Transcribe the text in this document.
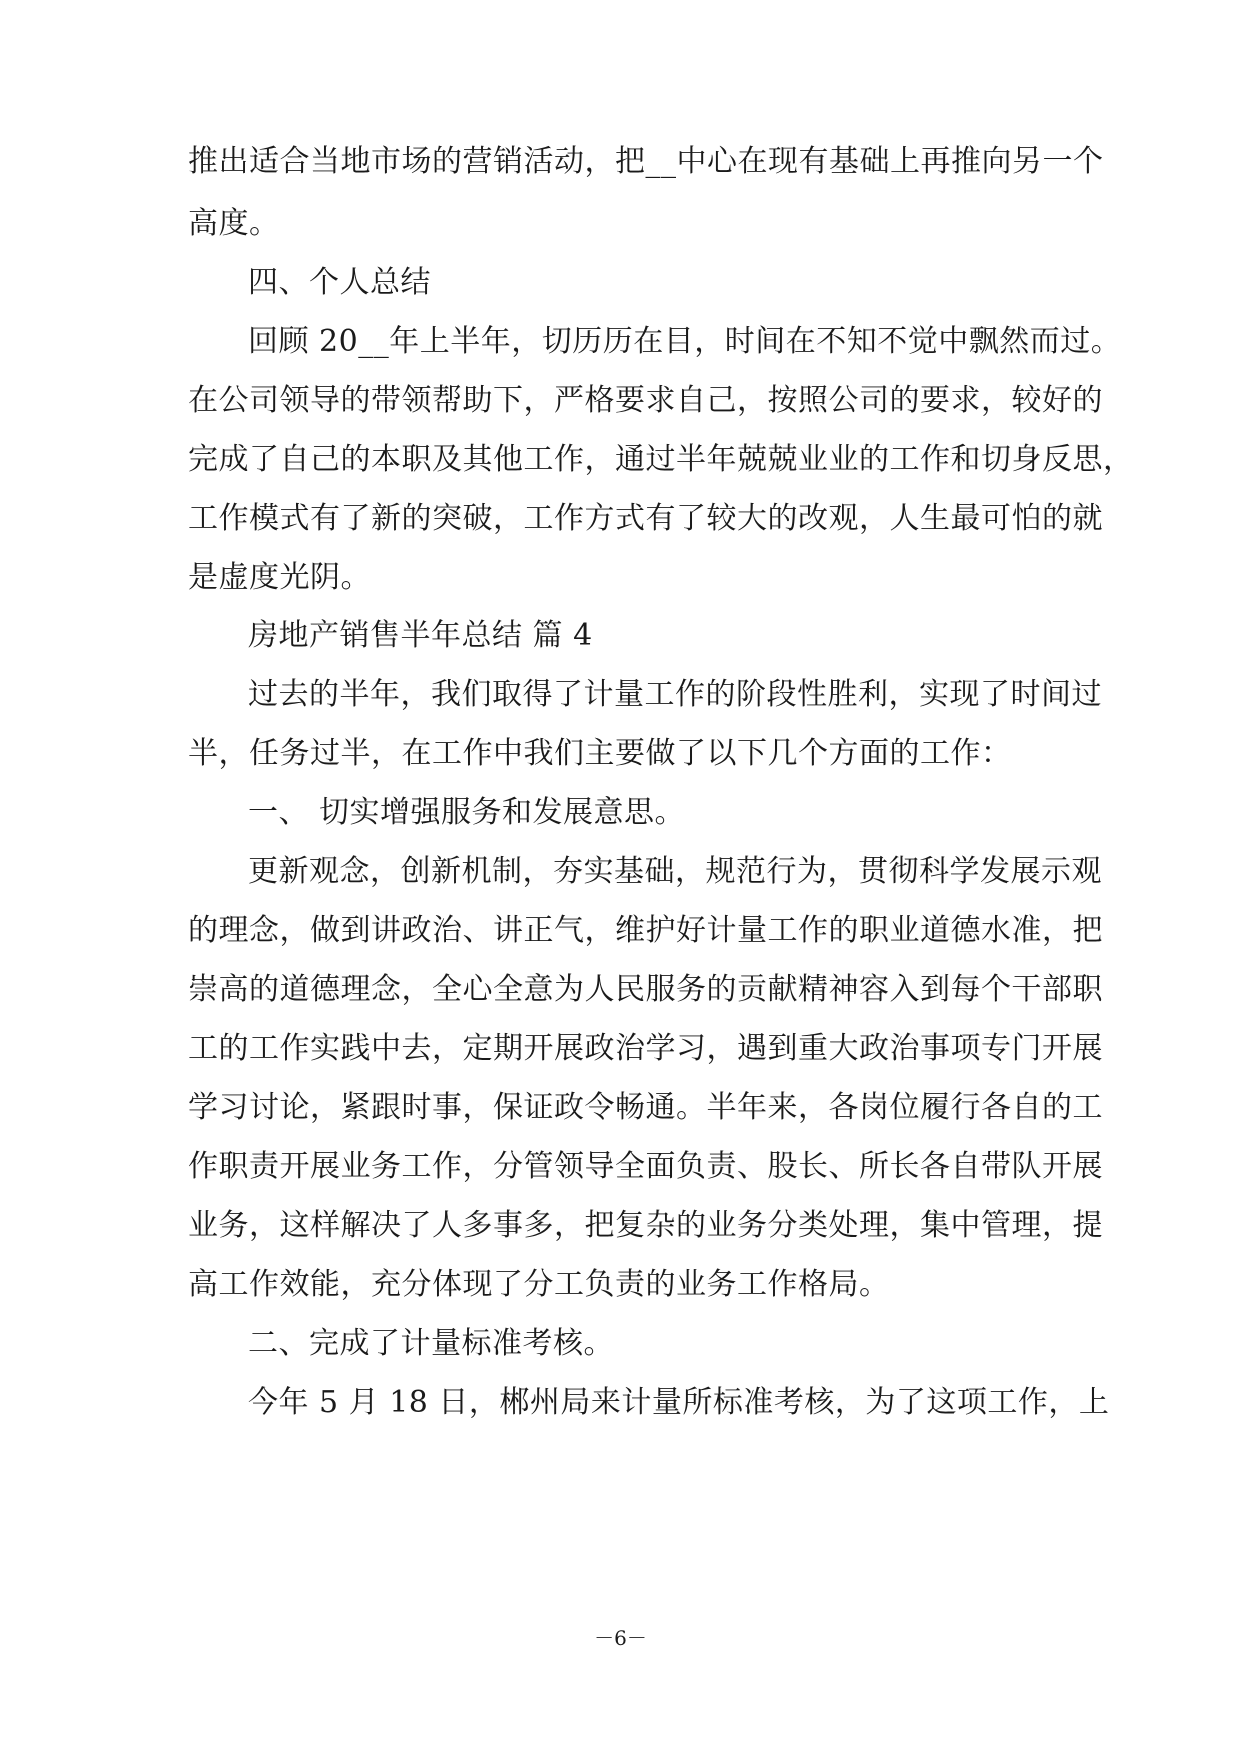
推出适合当地市场的营销活动，把__中心在现有基础上再推向另一个
高度。
四、个人总结
回顾 20__年上半年，切历历在目，时间在不知不觉中飘然而过。
在公司领导的带领帮助下，严格要求自己，按照公司的要求，较好的
完成了自己的本职及其他工作，通过半年兢兢业业的工作和切身反思，
工作模式有了新的突破，工作方式有了较大的改观，人生最可怕的就
是虚度光阴。
房地产销售半年总结 篇 4
过去的半年，我们取得了计量工作的阶段性胜利，实现了时间过
半，任务过半，在工作中我们主要做了以下几个方面的工作：
一、 切实增强服务和发展意思。
更新观念，创新机制，夯实基础，规范行为，贯彻科学发展示观
的理念，做到讲政治、讲正气，维护好计量工作的职业道德水准，把
崇高的道德理念，全心全意为人民服务的贡献精神容入到每个干部职
工的工作实践中去，定期开展政治学习，遇到重大政治事项专门开展
学习讨论，紧跟时事，保证政令畅通。半年来，各岗位履行各自的工
作职责开展业务工作，分管领导全面负责、股长、所长各自带队开展
业务，这样解决了人多事多，把复杂的业务分类处理，集中管理，提
高工作效能，充分体现了分工负责的业务工作格局。
二、完成了计量标准考核。
今年 5 月 18 日，郴州局来计量所标准考核，为了这项工作，上
－6－
